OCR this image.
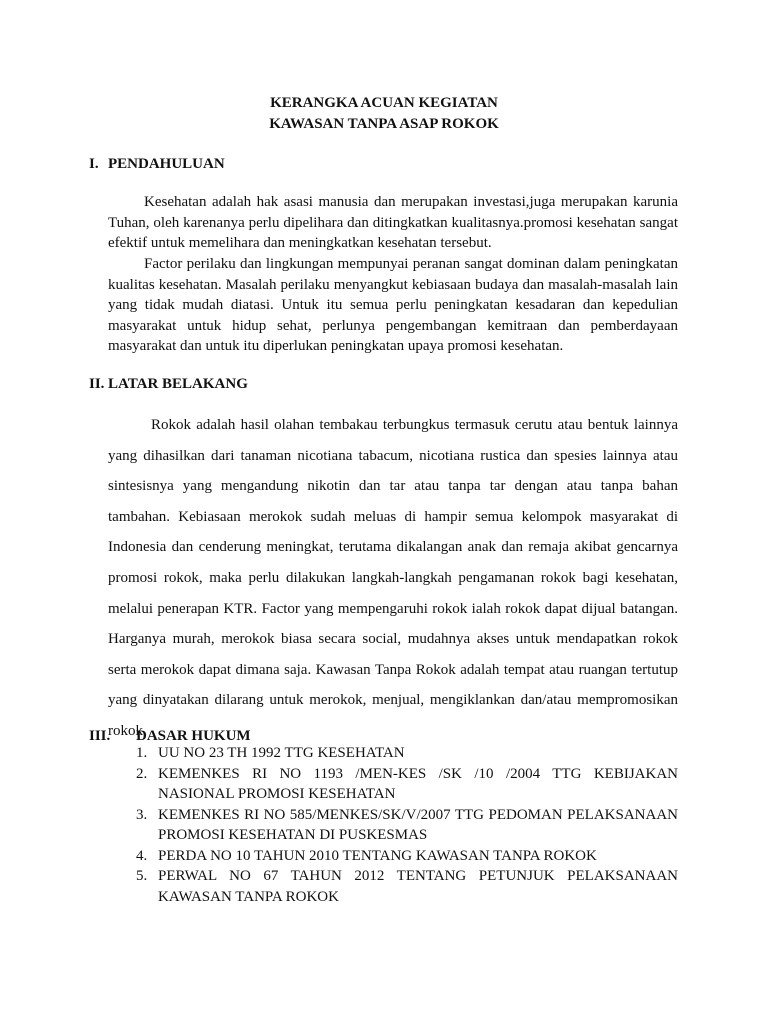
KERANGKA ACUAN KEGIATAN
KAWASAN TANPA ASAP ROKOK
I. PENDAHULUAN

Kesehatan adalah hak asasi manusia dan merupakan investasi,juga merupakan karunia Tuhan, oleh karenanya perlu dipelihara dan ditingkatkan kualitasnya.promosi kesehatan sangat efektif untuk memelihara dan meningkatkan kesehatan tersebut.

Factor perilaku dan lingkungan mempunyai peranan sangat dominan dalam peningkatan kualitas kesehatan. Masalah perilaku menyangkut kebiasaan budaya dan masalah-masalah lain yang tidak mudah diatasi. Untuk itu semua perlu peningkatan kesadaran dan kepedulian masyarakat untuk hidup sehat, perlunya pengembangan kemitraan dan pemberdayaan masyarakat dan untuk itu diperlukan peningkatan upaya promosi kesehatan.

II. LATAR BELAKANG

Rokok adalah hasil olahan tembakau terbungkus termasuk cerutu atau bentuk lainnya yang dihasilkan dari tanaman nicotiana tabacum, nicotiana rustica dan spesies lainnya atau sintesisnya yang mengandung nikotin dan tar atau tanpa tar dengan atau tanpa bahan tambahan. Kebiasaan merokok sudah meluas di hampir semua kelompok masyarakat di Indonesia dan cenderung meningkat, terutama dikalangan anak dan remaja akibat gencarnya promosi rokok, maka perlu dilakukan langkah-langkah pengamanan rokok bagi kesehatan, melalui penerapan KTR. Factor yang mempengaruhi rokok ialah rokok dapat dijual batangan. Harganya murah, merokok biasa secara social, mudahnya akses untuk mendapatkan rokok serta merokok dapat dimana saja. Kawasan Tanpa Rokok adalah tempat atau ruangan tertutup yang dinyatakan dilarang untuk merokok, menjual, mengiklankan dan/atau mempromosikan rokok.

III. DASAR HUKUM
1. UU NO 23 TH 1992 TTG KESEHATAN
2. KEMENKES RI NO 1193 /MEN-KES /SK /10 /2004 TTG KEBIJAKAN NASIONAL PROMOSI KESEHATAN
3. KEMENKES RI NO 585/MENKES/SK/V/2007 TTG PEDOMAN PELAKSANAAN PROMOSI KESEHATAN DI PUSKESMAS
4. PERDA NO 10 TAHUN 2010 TENTANG KAWASAN TANPA ROKOK
5. PERWAL NO 67 TAHUN 2012 TENTANG PETUNJUK PELAKSANAAN KAWASAN TANPA ROKOK
